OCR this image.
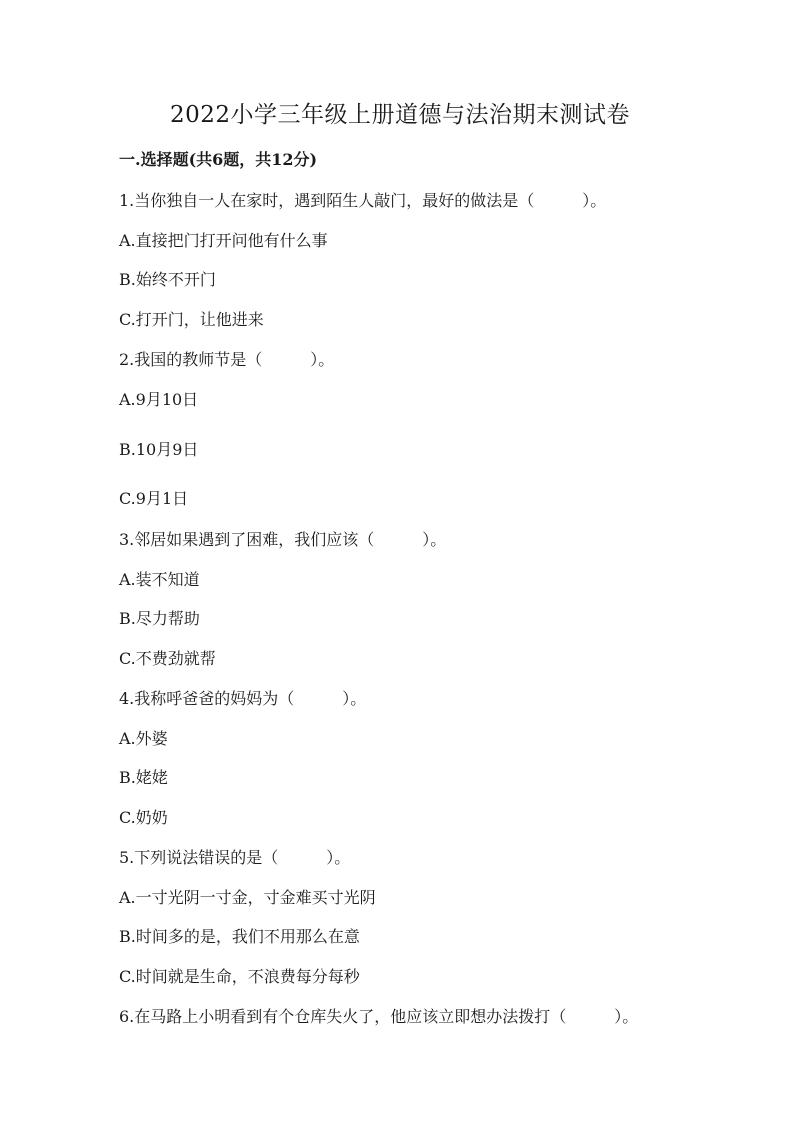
2022小学三年级上册道德与法治期末测试卷
一.选择题(共6题，共12分)
1.当你独自一人在家时，遇到陌生人敲门，最好的做法是（　　　）。
A.直接把门打开问他有什么事
B.始终不开门
C.打开门，让他进来
2.我国的教师节是（　　　）。
A.9月10日
B.10月9日
C.9月1日
3.邻居如果遇到了困难，我们应该（　　　）。
A.装不知道
B.尽力帮助
C.不费劲就帮
4.我称呼爸爸的妈妈为（　　　）。
A.外婆
B.姥姥
C.奶奶
5.下列说法错误的是（　　　）。
A.一寸光阴一寸金，寸金难买寸光阴
B.时间多的是，我们不用那么在意
C.时间就是生命，不浪费每分每秒
6.在马路上小明看到有个仓库失火了，他应该立即想办法拨打（　　　）。
